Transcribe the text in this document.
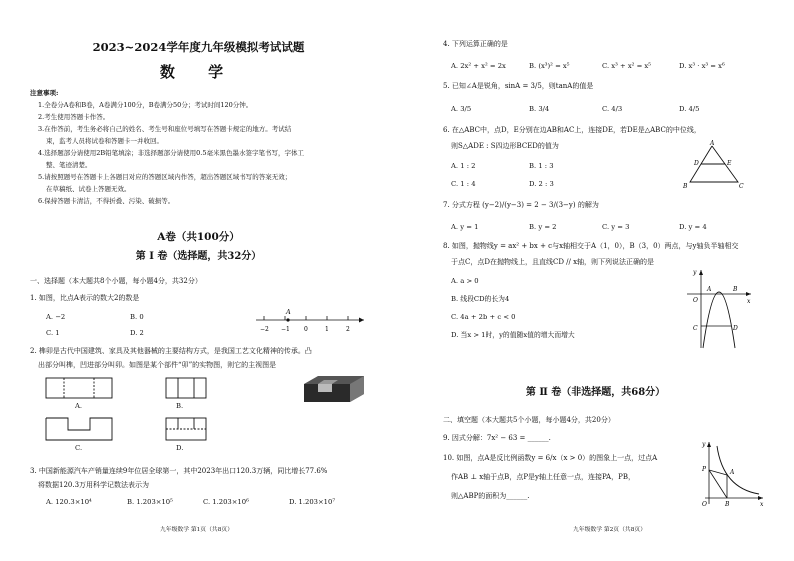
2023~2024学年度九年级模拟考试试题
数 学
注意事项:
1.全卷分A卷和B卷，A卷满分100分，B卷满分50分；考试时间120分钟。
2.考生使用答题卡作答。
3.在作答前，考生务必将自己的姓名、考生号和座位号填写在答题卡规定的地方。考试结
束，监考人员将试卷和答题卡一并收回。
4.选择题部分请使用2B铅笔填涂；非选择题部分请使用0.5毫米黑色墨水签字笔书写，字体工
整、笔迹清楚。
5.请按照题号在答题卡上各题目对应的答题区域内作答，超出答题区域书写的答案无效；
在草稿纸、试卷上答题无效。
6.保持答题卡清洁，不得折叠、污染、破损等。
A卷（共100分）
第 Ⅰ 卷（选择题，共32分）
一、选择题（本大题共8个小题，每小题4分，共32分）
1. 如图，比点A表示的数大2的数是
A. −2	B. 0
C. 1	D. 2
A
−2 −1 0	1	2
2. 榫卯是古代中国建筑、家具及其他器械的主要结构方式，是我国工艺文化精神的传承。凸
出部分叫榫，凹进部分叫卯。如图是某个部件“卯”的实物图，则它的主视图是
A.	B.
C.	D.
3. 中国新能源汽车产销量连续9年位居全球第一，其中2023年出口120.3万辆，同比增长77.6%
将数据120.3万用科学记数法表示为
A. 120.3×10⁴	B. 1.203×10⁵	C. 1.203×10⁶	D. 1.203×10⁷
九年级数学 第1页（共8页）
4. 下列运算正确的是
A. 2x² + x² = 2x	B. (x³)² = x⁵	C. x³ + x² = x⁵	D. x³ · x³ = x⁶
5. 已知∠A是锐角，sinA = 3/5，则tanA的值是
A. 3/5	B. 3/4	C. 4/3	D. 4/5
6. 在△ABC中，点D，E分别在边AB和AC上，连接DE，若DE是△ABC的中位线，
则S△ADE : S四边形BCED的值为
A. 1 : 2	B. 1 : 3
C. 1 : 4	D. 2 : 3
A
D	E
B	C
7. 分式方程 (y−2)/(y−3) = 2 − 3/(3−y) 的解为
A. y = 1	B. y = 2	C. y = 3	D. y = 4
8. 如图，抛物线y = ax² + bx + c与x轴相交于A（1，0），B（3，0）两点，与y轴负半轴相交
于点C，点D在抛物线上，且直线CD // x轴，则下列说法正确的是
A. a > 0
B. 线段CD的长为4
C. 4a + 2b + c < 0
D. 当x > 1时，y的值随x值的增大而增大
y
O
A	B
x
C	D
第 Ⅱ 卷（非选择题，共68分）
二、填空题（本大题共5个小题，每小题4分，共20分）
9. 因式分解：7x² − 63 = ______.
10. 如图，点A是反比例函数y = 6/x（x > 0）的图象上一点，过点A
作AB ⊥ x轴于点B，点P是y轴上任意一点，连接PA，PB，
则△ABP的面积为______.
y
P	A
O	B	x
九年级数学 第2页（共8页）
